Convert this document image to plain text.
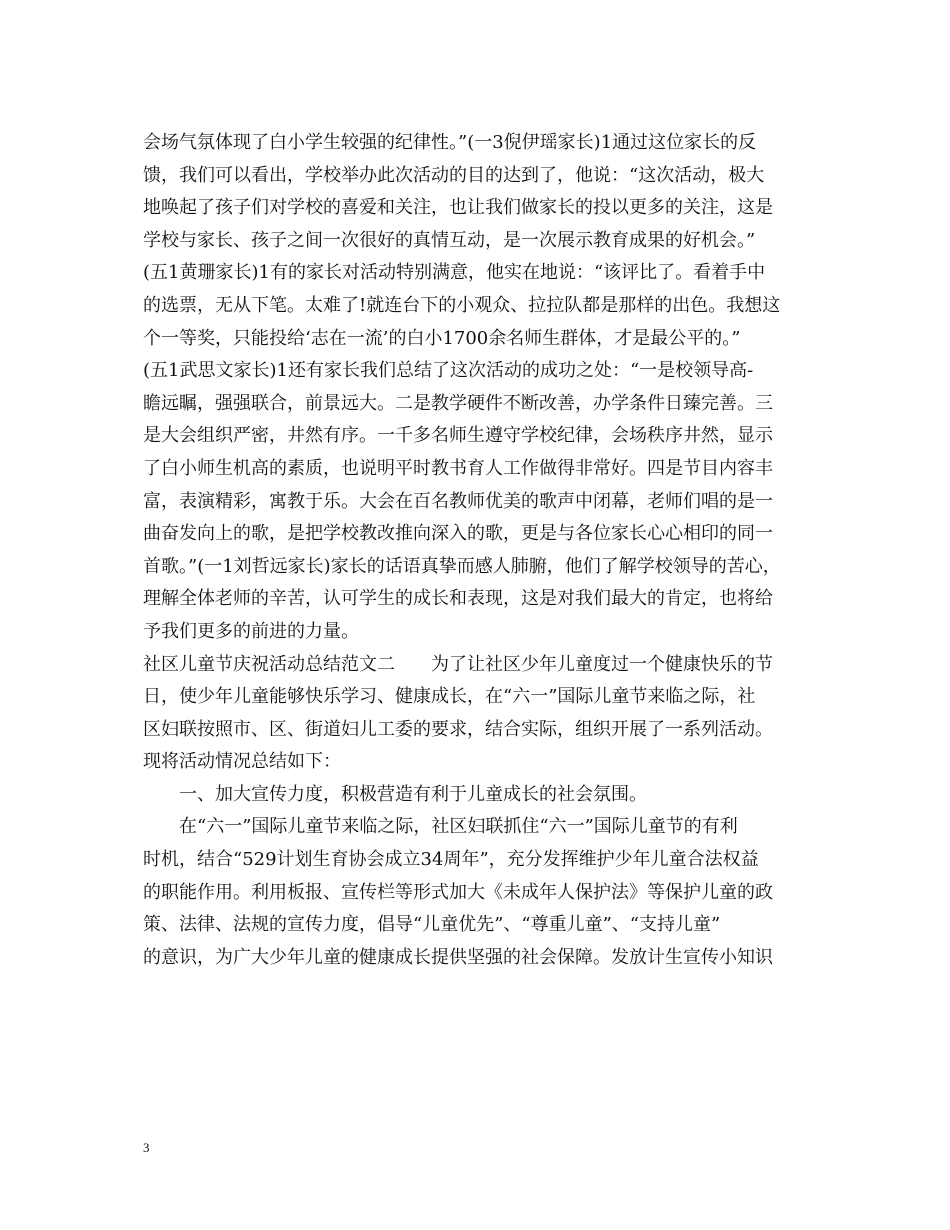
会场气氛体现了白小学生较强的纪律性。”(一3倪伊瑶家长)1通过这位家长的反
馈，我们可以看出，学校举办此次活动的目的达到了，他说：“这次活动，极大
地唤起了孩子们对学校的喜爱和关注，也让我们做家长的投以更多的关注，这是
学校与家长、孩子之间一次很好的真情互动，是一次展示教育成果的好机会。”
(五1黄珊家长)1有的家长对活动特别满意，他实在地说：“该评比了。看着手中
的选票，无从下笔。太难了!就连台下的小观众、拉拉队都是那样的出色。我想这
个一等奖，只能投给‘志在一流’的白小1700余名师生群体，才是最公平的。”
(五1武思文家长)1还有家长我们总结了这次活动的成功之处：“一是校领导高-
瞻远瞩，强强联合，前景远大。二是教学硬件不断改善，办学条件日臻完善。三
是大会组织严密，井然有序。一千多名师生遵守学校纪律，会场秩序井然，显示
了白小师生机高的素质，也说明平时教书育人工作做得非常好。四是节目内容丰
富，表演精彩，寓教于乐。大会在百名教师优美的歌声中闭幕，老师们唱的是一
曲奋发向上的歌，是把学校教改推向深入的歌，更是与各位家长心心相印的同一
首歌。”(一1刘哲远家长)家长的话语真挚而感人肺腑，他们了解学校领导的苦心，
理解全体老师的辛苦，认可学生的成长和表现，这是对我们最大的肯定，也将给
予我们更多的前进的力量。
社区儿童节庆祝活动总结范文二　　为了让社区少年儿童度过一个健康快乐的节
日，使少年儿童能够快乐学习、健康成长，在“六一”国际儿童节来临之际，社
区妇联按照市、区、街道妇儿工委的要求，结合实际，组织开展了一系列活动。
现将活动情况总结如下：
一、加大宣传力度，积极营造有利于儿童成长的社会氛围。
在“六一”国际儿童节来临之际，社区妇联抓住“六一”国际儿童节的有利
时机，结合“529计划生育协会成立34周年”，充分发挥维护少年儿童合法权益
的职能作用。利用板报、宣传栏等形式加大《未成年人保护法》等保护儿童的政
策、法律、法规的宣传力度，倡导“儿童优先”、“尊重儿童”、“支持儿童”
的意识，为广大少年儿童的健康成长提供坚强的社会保障。发放计生宣传小知识
3
